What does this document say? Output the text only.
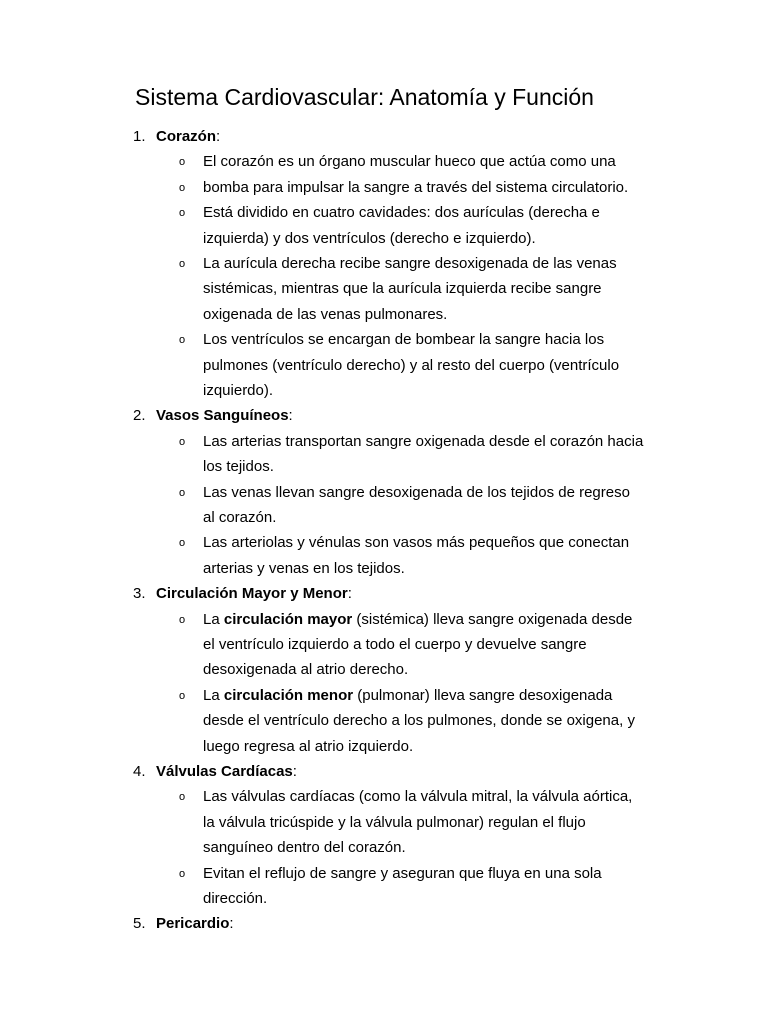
Sistema Cardiovascular: Anatomía y Función
1. Corazón:
o El corazón es un órgano muscular hueco que actúa como una
o bomba para impulsar la sangre a través del sistema circulatorio.
o Está dividido en cuatro cavidades: dos aurículas (derecha e
izquierda) y dos ventrículos (derecho e izquierdo).
o La aurícula derecha recibe sangre desoxigenada de las venas
sistémicas, mientras que la aurícula izquierda recibe sangre
oxigenada de las venas pulmonares.
o Los ventrículos se encargan de bombear la sangre hacia los
pulmones (ventrículo derecho) y al resto del cuerpo (ventrículo
izquierdo).
2. Vasos Sanguíneos:
o Las arterias transportan sangre oxigenada desde el corazón hacia
los tejidos.
o Las venas llevan sangre desoxigenada de los tejidos de regreso
al corazón.
o Las arteriolas y vénulas son vasos más pequeños que conectan
arterias y venas en los tejidos.
3. Circulación Mayor y Menor:
o La circulación mayor (sistémica) lleva sangre oxigenada desde
el ventrículo izquierdo a todo el cuerpo y devuelve sangre
desoxigenada al atrio derecho.
o La circulación menor (pulmonar) lleva sangre desoxigenada
desde el ventrículo derecho a los pulmones, donde se oxigena, y
luego regresa al atrio izquierdo.
4. Válvulas Cardíacas:
o Las válvulas cardíacas (como la válvula mitral, la válvula aórtica,
la válvula tricúspide y la válvula pulmonar) regulan el flujo
sanguíneo dentro del corazón.
o Evitan el reflujo de sangre y aseguran que fluya en una sola
dirección.
5. Pericardio:
